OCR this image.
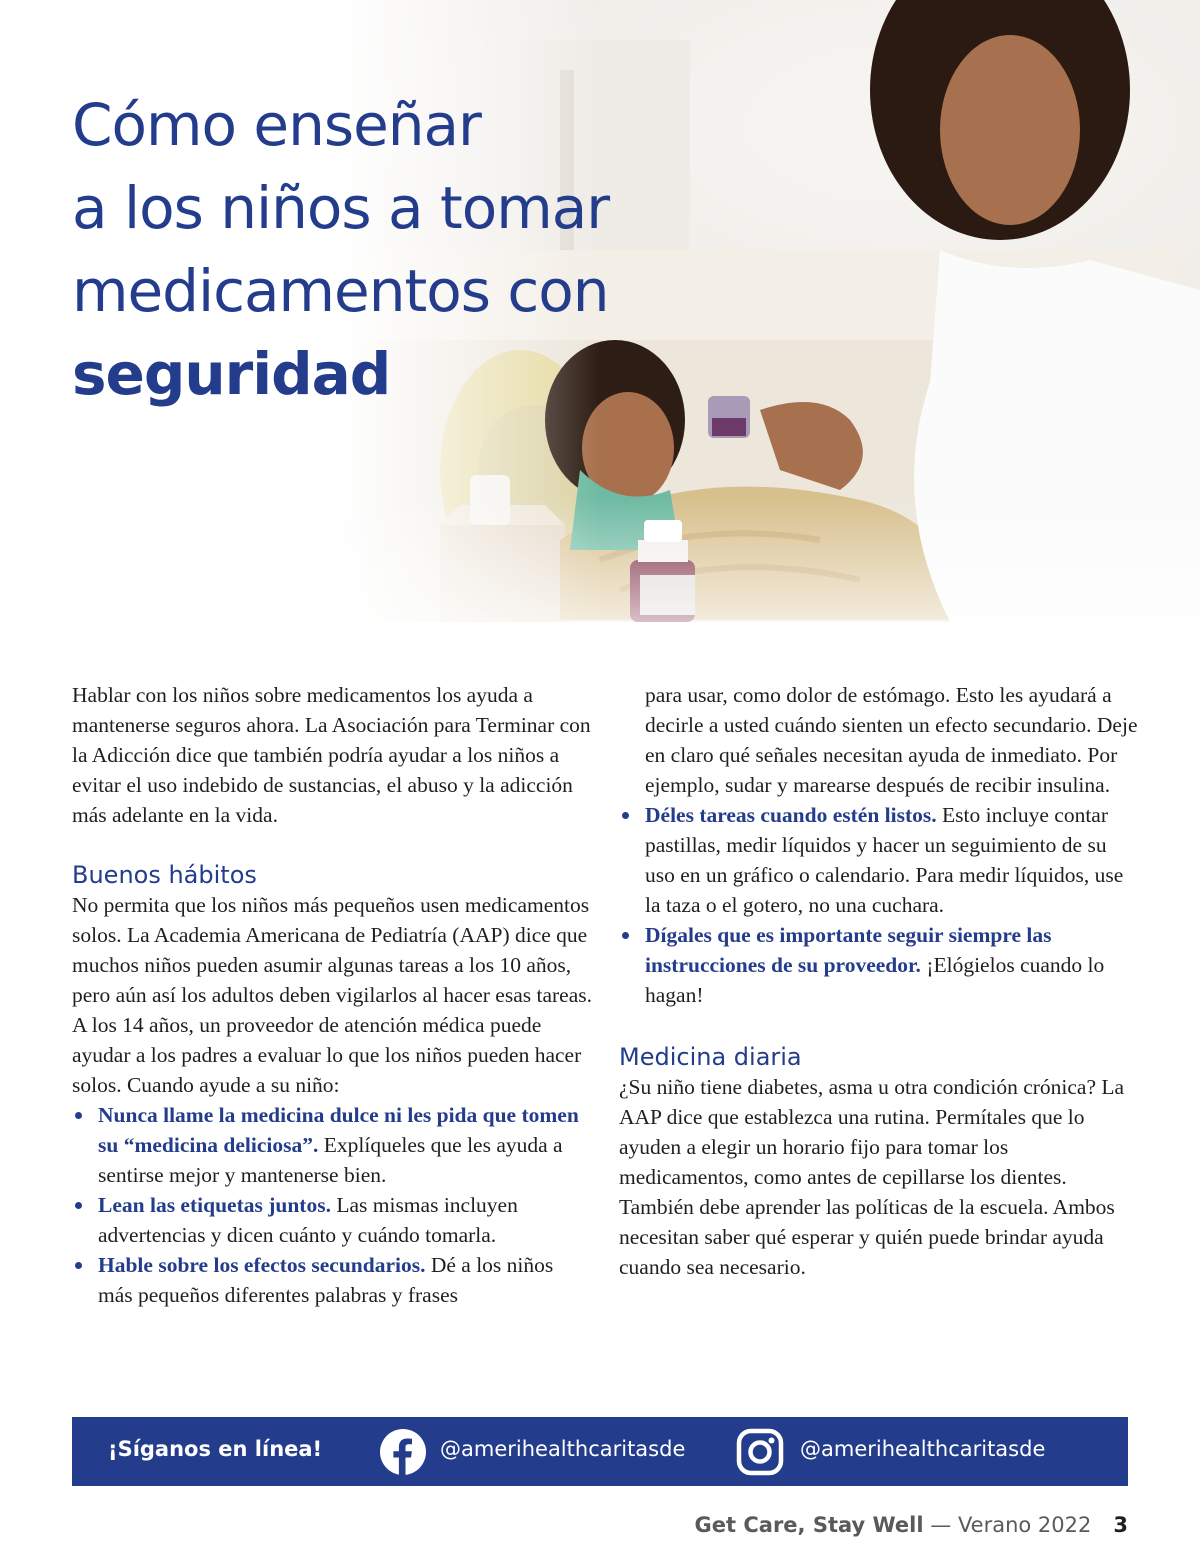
Cómo enseñar
a los niños a tomar
medicamentos con
seguridad

Hablar con los niños sobre medicamentos los ayuda a mantenerse seguros ahora. La Asociación para Terminar con la Adicción dice que también podría ayudar a los niños a evitar el uso indebido de sustancias, el abuso y la adicción más adelante en la vida.

Buenos hábitos

No permita que los niños más pequeños usen medicamentos solos. La Academia Americana de Pediatría (AAP) dice que muchos niños pueden asumir algunas tareas a los 10 años, pero aún así los adultos deben vigilarlos al hacer esas tareas. A los 14 años, un proveedor de atención médica puede ayudar a los padres a evaluar lo que los niños pueden hacer solos. Cuando ayude a su niño:

Nunca llame la medicina dulce ni les pida que tomen su “medicina deliciosa”. Explíqueles que les ayuda a sentirse mejor y mantenerse bien.
Lean las etiquetas juntos. Las mismas incluyen advertencias y dicen cuánto y cuándo tomarla.
Hable sobre los efectos secundarios. Dé a los niños más pequeños diferentes palabras y frases

para usar, como dolor de estómago. Esto les ayudará a decirle a usted cuándo sienten un efecto secundario. Deje en claro qué señales necesitan ayuda de inmediato. Por ejemplo, sudar y marearse después de recibir insulina.

Déles tareas cuando estén listos. Esto incluye contar pastillas, medir líquidos y hacer un seguimiento de su uso en un gráfico o calendario. Para medir líquidos, use la taza o el gotero, no una cuchara.
Dígales que es importante seguir siempre las instrucciones de su proveedor. ¡Elógielos cuando lo hagan!
Medicina diaria

¿Su niño tiene diabetes, asma u otra condición crónica? La AAP dice que establezca una rutina. Permítales que lo ayuden a elegir un horario fijo para tomar los medicamentos, como antes de cepillarse los dientes. También debe aprender las políticas de la escuela. Ambos necesitan saber qué esperar y quién puede brindar ayuda cuando sea necesario.

¡Síganos en línea!	@amerihealthcaritasde	@amerihealthcaritasde
Get Care, Stay Well — Verano 2022 3
